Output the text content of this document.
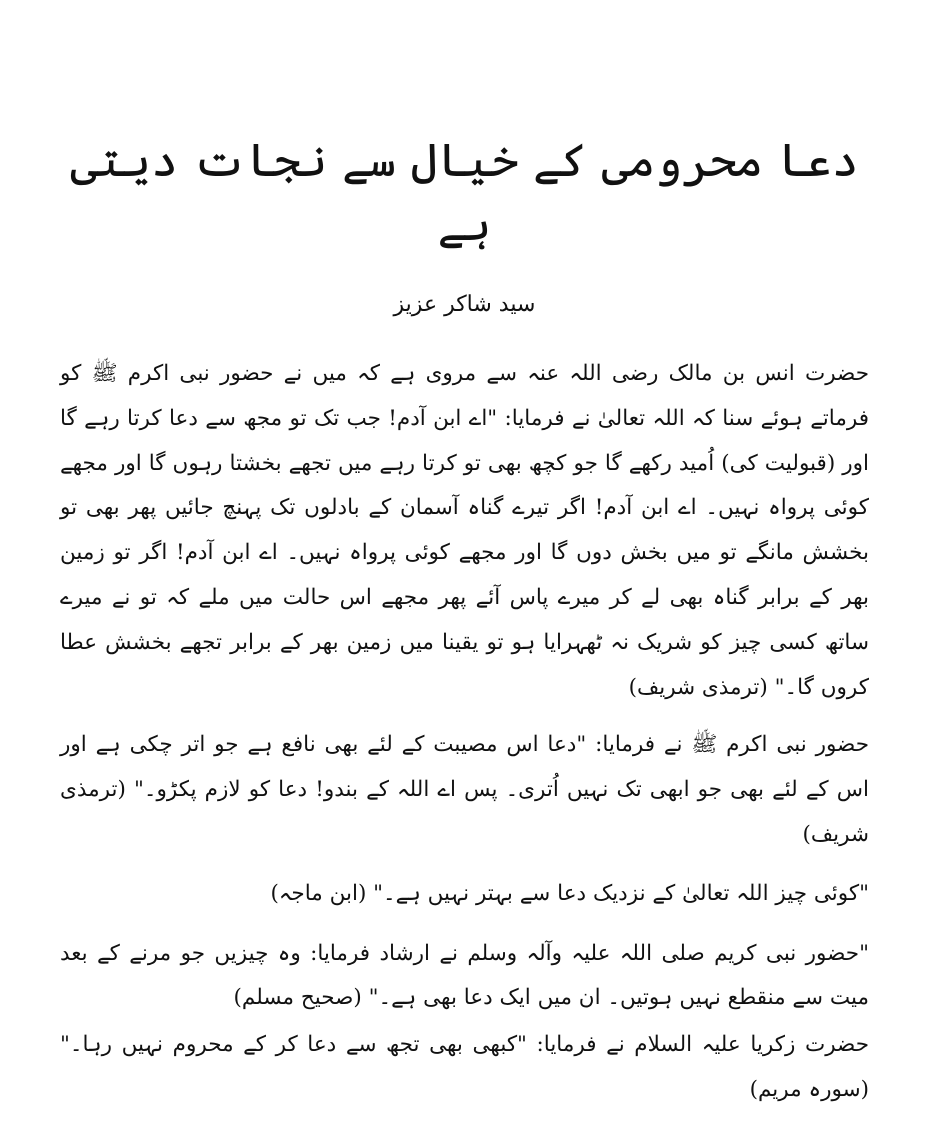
دعا محرومی کے خیال سے نجات دیتی ہے
سید شاکر عزیز

حضرت انس بن مالک رضی اللہ عنہ سے مروی ہے کہ میں نے حضور نبی اکرم ﷺ کو فرماتے ہوئے سنا کہ اللہ تعالیٰ نے فرمایا: "اے ابن آدم! جب تک تو مجھ سے دعا کرتا رہے گا اور (قبولیت کی) اُمید رکھے گا جو کچھ بھی تو کرتا رہے میں تجھے بخشتا رہوں گا اور مجھے کوئی پرواہ نہیں۔ اے ابن آدم! اگر تیرے گناہ آسمان کے بادلوں تک پہنچ جائیں پھر بھی تو بخشش مانگے تو میں بخش دوں گا اور مجھے کوئی پرواہ نہیں۔ اے ابن آدم! اگر تو زمین بھر کے برابر گناہ بھی لے کر میرے پاس آئے پھر مجھے اس حالت میں ملے کہ تو نے میرے ساتھ کسی چیز کو شریک نہ ٹھہرایا ہو تو یقینا میں زمین بھر کے برابر تجھے بخشش عطا کروں گا۔" (ترمذی شریف)

حضور نبی اکرم ﷺ نے فرمایا: "دعا اس مصیبت کے لئے بھی نافع ہے جو اتر چکی ہے اور اس کے لئے بھی جو ابھی تک نہیں اُتری۔ پس اے اللہ کے بندو! دعا کو لازم پکڑو۔" (ترمذی شریف)

"کوئی چیز اللہ تعالیٰ کے نزدیک دعا سے بہتر نہیں ہے۔" (ابن ماجہ)

"حضور نبی کریم صلی اللہ علیہ وآلہ وسلم نے ارشاد فرمایا: وہ چیزیں جو مرنے کے بعد میت سے منقطع نہیں ہوتیں۔ ان میں ایک دعا بھی ہے۔" (صحیح مسلم)

حضرت زکریا علیہ السلام نے فرمایا: "کبھی بھی تجھ سے دعا کر کے محروم نہیں رہا۔" (سورہ مریم)
